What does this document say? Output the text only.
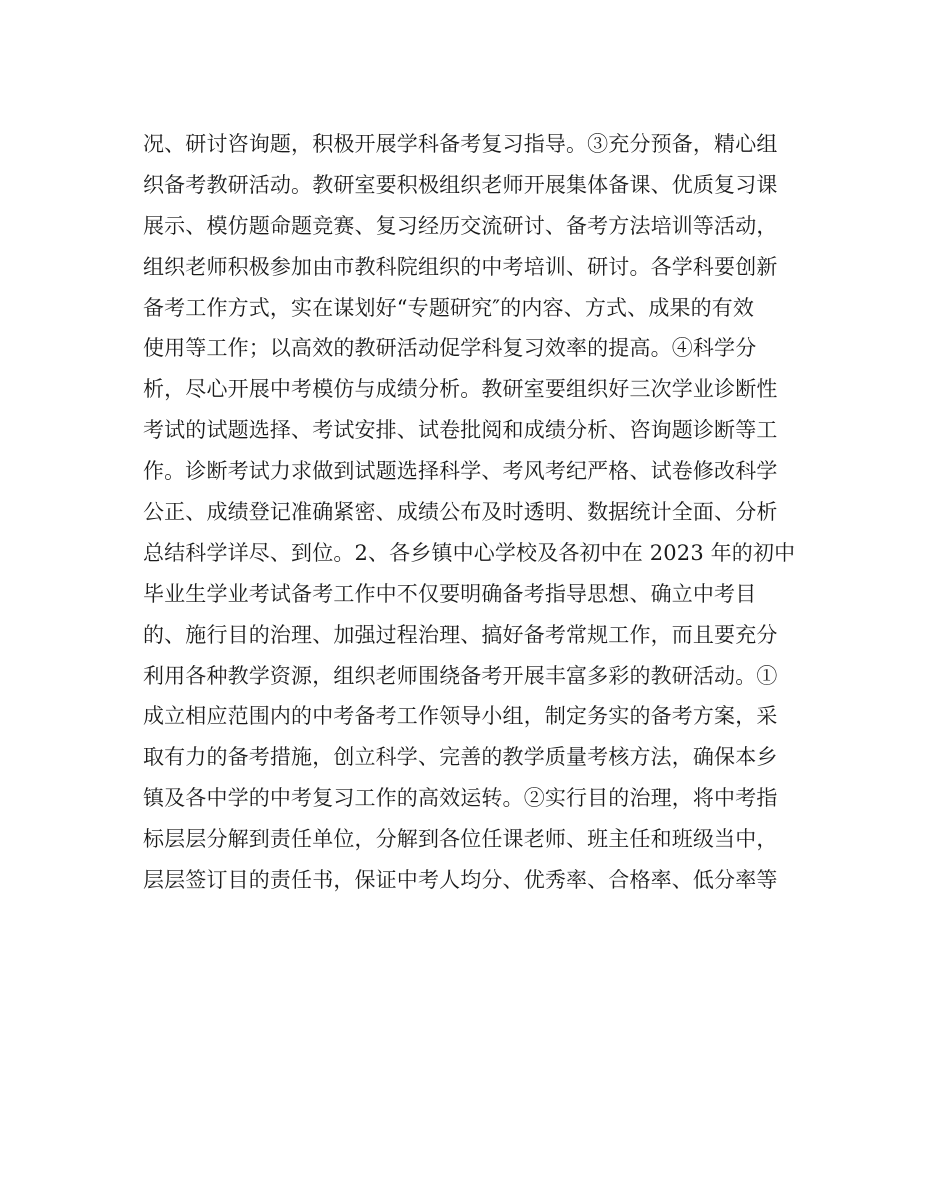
况、研讨咨询题，积极开展学科备考复习指导。③充分预备，精心组
织备考教研活动。教研室要积极组织老师开展集体备课、优质复习课
展示、模仿题命题竞赛、复习经历交流研讨、备考方法培训等活动，
组织老师积极参加由市教科院组织的中考培训、研讨。各学科要创新
备考工作方式，实在谋划好“专题研究″的内容、方式、成果的有效
使用等工作；以高效的教研活动促学科复习效率的提高。④科学分
析，尽心开展中考模仿与成绩分析。教研室要组织好三次学业诊断性
考试的试题选择、考试安排、试卷批阅和成绩分析、咨询题诊断等工
作。诊断考试力求做到试题选择科学、考风考纪严格、试卷修改科学
公正、成绩登记准确紧密、成绩公布及时透明、数据统计全面、分析
总结科学详尽、到位。2、各乡镇中心学校及各初中在 2023 年的初中
毕业生学业考试备考工作中不仅要明确备考指导思想、确立中考目
的、施行目的治理、加强过程治理、搞好备考常规工作，而且要充分
利用各种教学资源，组织老师围绕备考开展丰富多彩的教研活动。①
成立相应范围内的中考备考工作领导小组，制定务实的备考方案，采
取有力的备考措施，创立科学、完善的教学质量考核方法，确保本乡
镇及各中学的中考复习工作的高效运转。②实行目的治理，将中考指
标层层分解到责任单位，分解到各位任课老师、班主任和班级当中，
层层签订目的责任书，保证中考人均分、优秀率、合格率、低分率等
